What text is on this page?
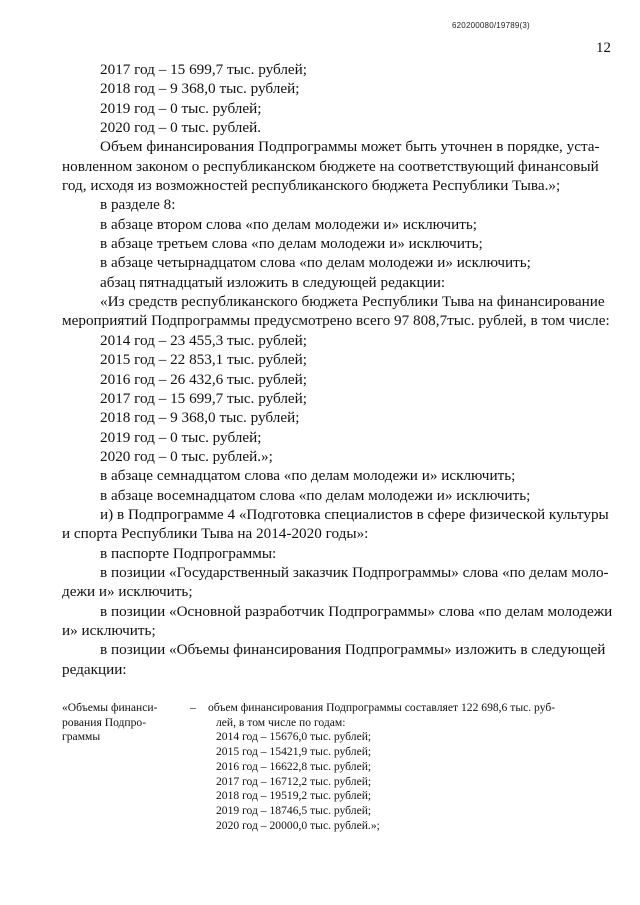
620200080/19789(3)
12
2017 год – 15 699,7 тыс. рублей;
2018 год – 9 368,0 тыс. рублей;
2019 год – 0 тыс. рублей;
2020 год – 0 тыс. рублей.
Объем финансирования Подпрограммы может быть уточнен в порядке, уста-
новленном законом о республиканском бюджете на соответствующий финансовый
год, исходя из возможностей республиканского бюджета Республики Тыва.»;
в разделе 8:
в абзаце втором слова «по делам молодежи и» исключить;
в абзаце третьем слова «по делам молодежи и» исключить;
в абзаце четырнадцатом слова «по делам молодежи и» исключить;
абзац пятнадцатый изложить в следующей редакции:
«Из средств республиканского бюджета Республики Тыва на финансирование
мероприятий Подпрограммы предусмотрено всего 97 808,7тыс. рублей, в том числе:
2014 год – 23 455,3 тыс. рублей;
2015 год – 22 853,1 тыс. рублей;
2016 год – 26 432,6 тыс. рублей;
2017 год – 15 699,7 тыс. рублей;
2018 год – 9 368,0 тыс. рублей;
2019 год – 0 тыс. рублей;
2020 год – 0 тыс. рублей.»;
в абзаце семнадцатом слова «по делам молодежи и» исключить;
в абзаце восемнадцатом слова «по делам молодежи и» исключить;
и) в Подпрограмме 4 «Подготовка специалистов в сфере физической культуры
и спорта Республики Тыва на 2014-2020 годы»:
в паспорте Подпрограммы:
в позиции «Государственный заказчик Подпрограммы» слова «по делам моло-
дежи и» исключить;
в позиции «Основной разработчик Подпрограммы» слова «по делам молодежи
и» исключить;
в позиции «Объемы финансирования Подпрограммы» изложить в следующей
редакции:
«Объемы финанси-
рования Подпро-
граммы
–	объем финансирования Подпрограммы составляет 122 698,6 тыс. руб-
лей, в том числе по годам:
2014 год – 15676,0 тыс. рублей;
2015 год – 15421,9 тыс. рублей;
2016 год – 16622,8 тыс. рублей;
2017 год – 16712,2 тыс. рублей;
2018 год – 19519,2 тыс. рублей;
2019 год – 18746,5 тыс. рублей;
2020 год – 20000,0 тыс. рублей.»;
